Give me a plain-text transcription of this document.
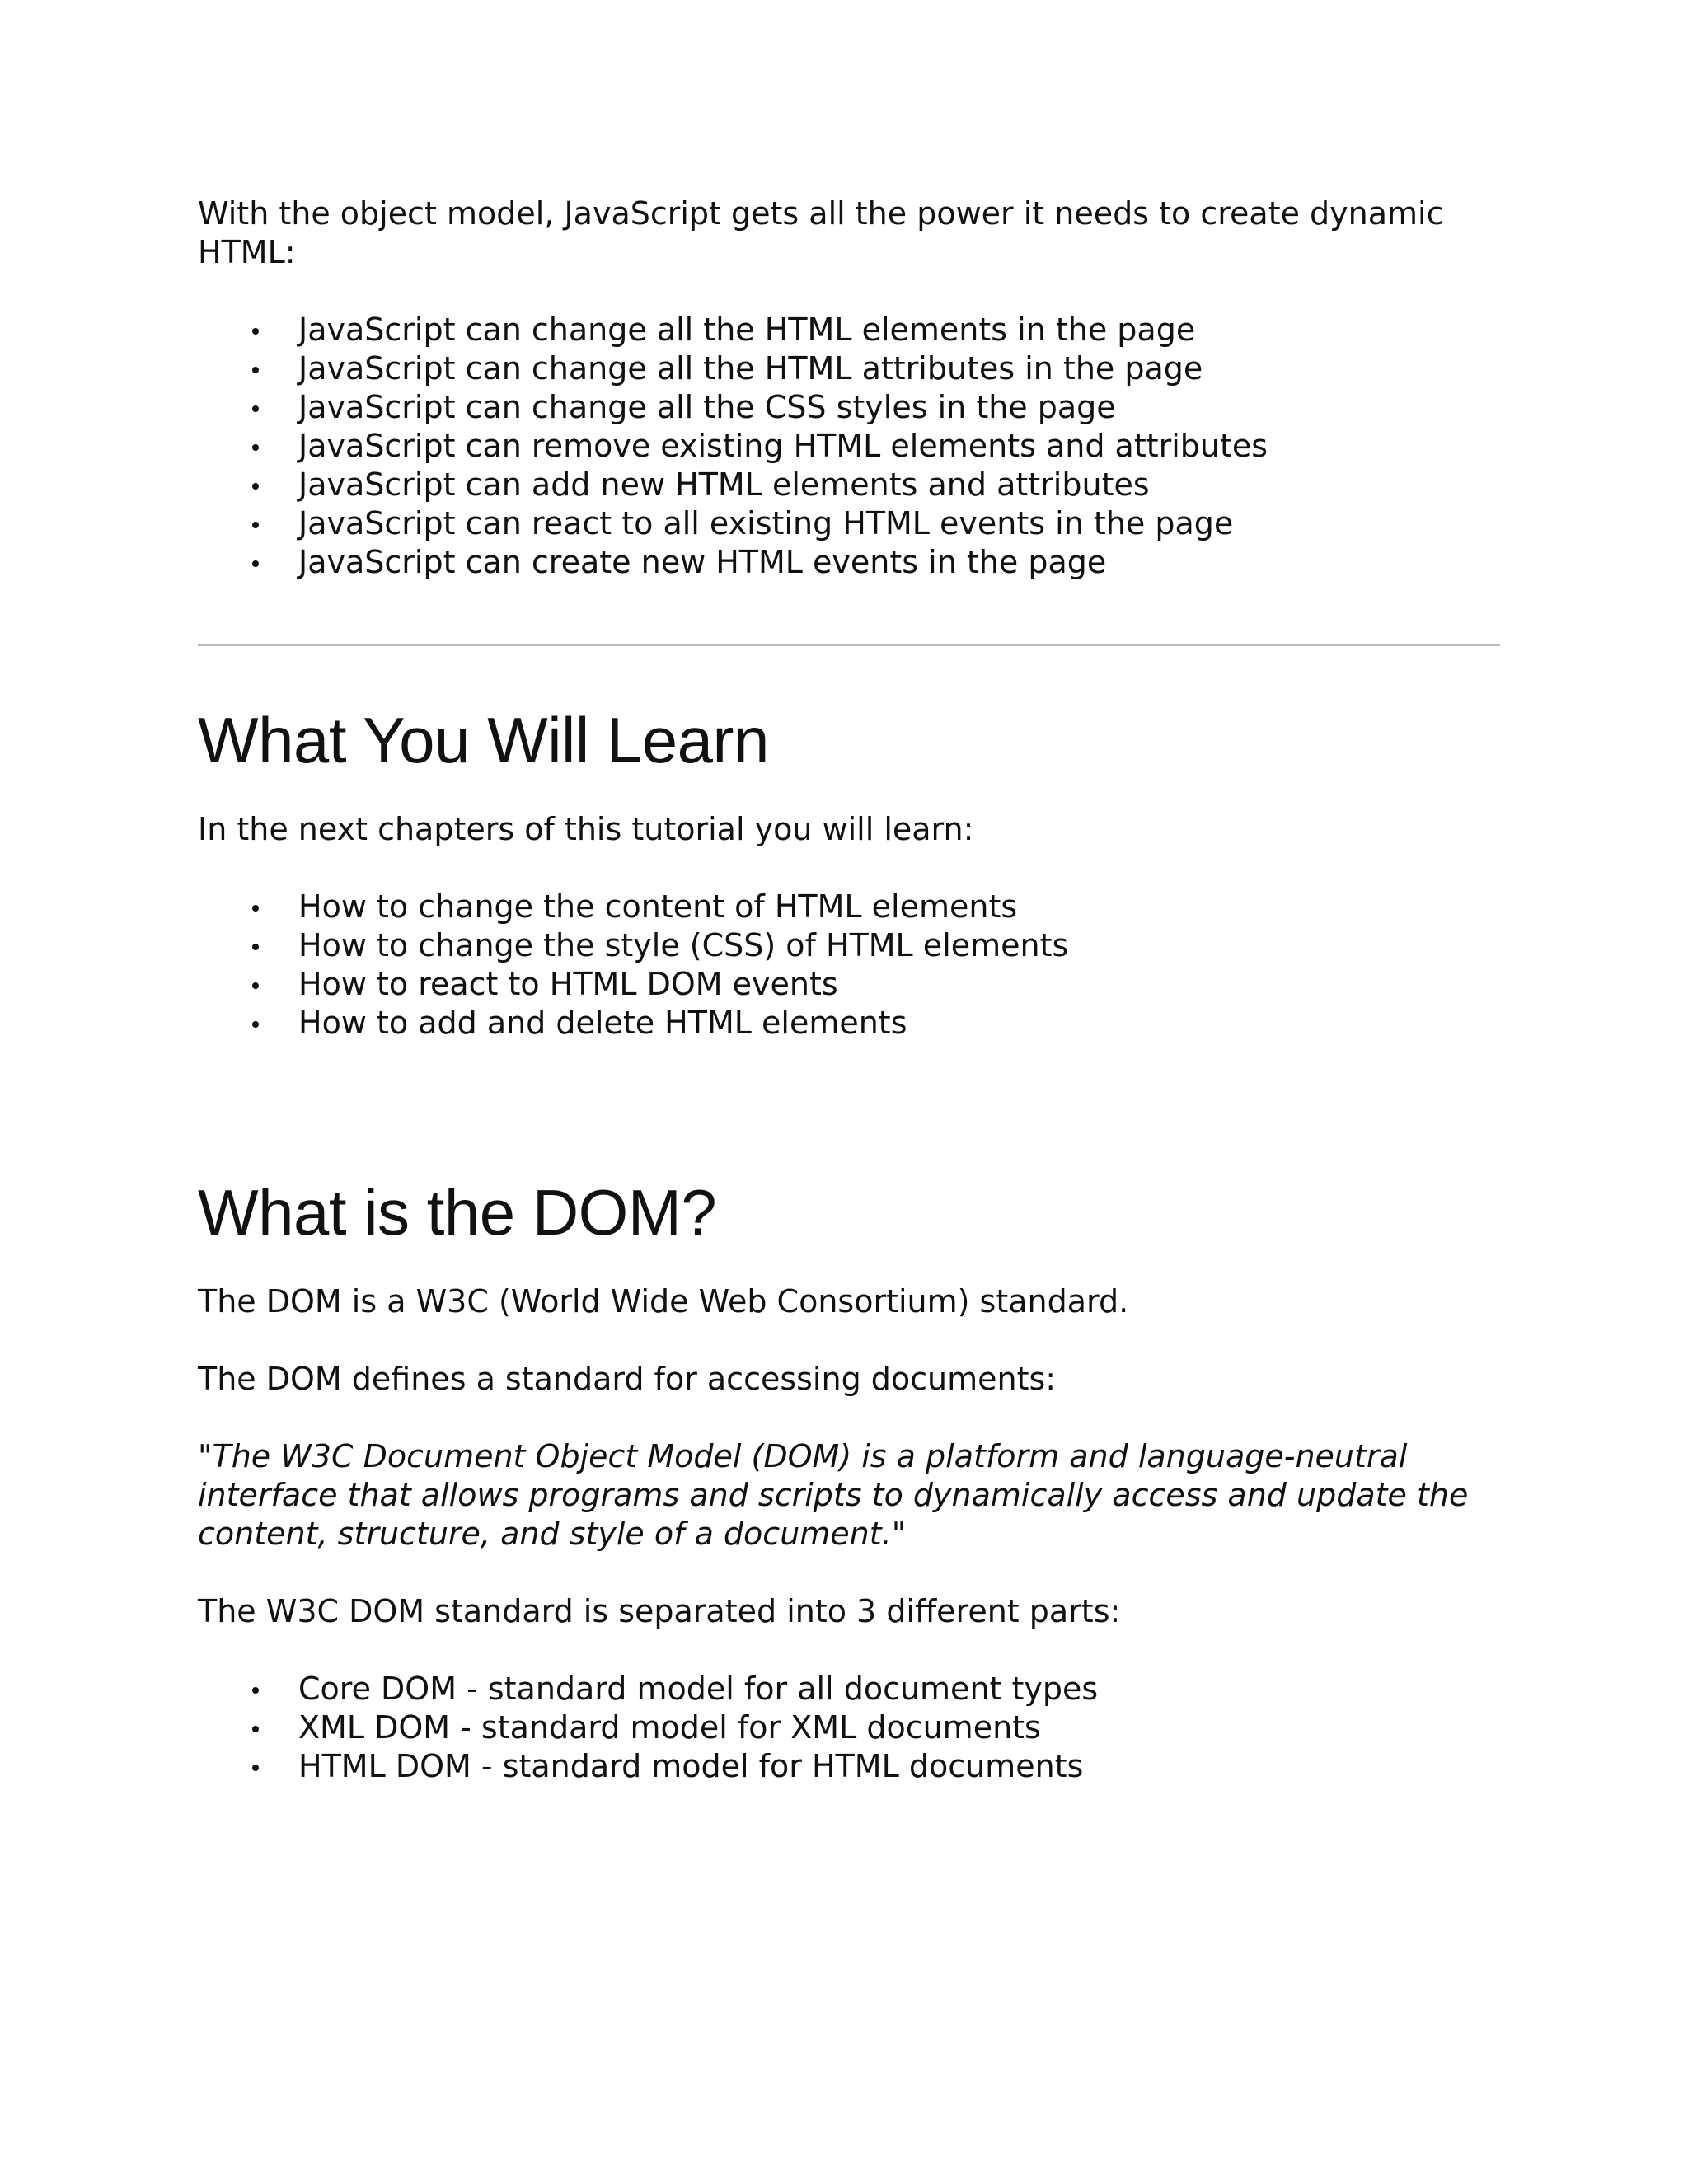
With the object model, JavaScript gets all the power it needs to create dynamic HTML:

JavaScript can change all the HTML elements in the page
JavaScript can change all the HTML attributes in the page
JavaScript can change all the CSS styles in the page
JavaScript can remove existing HTML elements and attributes
JavaScript can add new HTML elements and attributes
JavaScript can react to all existing HTML events in the page
JavaScript can create new HTML events in the page
What You Will Learn

In the next chapters of this tutorial you will learn:

How to change the content of HTML elements
How to change the style (CSS) of HTML elements
How to react to HTML DOM events
How to add and delete HTML elements
What is the DOM?

The DOM is a W3C (World Wide Web Consortium) standard.

The DOM defines a standard for accessing documents:

"The W3C Document Object Model (DOM) is a platform and language-neutral interface that allows programs and scripts to dynamically access and update the content, structure, and style of a document."

The W3C DOM standard is separated into 3 different parts:

Core DOM - standard model for all document types
XML DOM - standard model for XML documents
HTML DOM - standard model for HTML documents
